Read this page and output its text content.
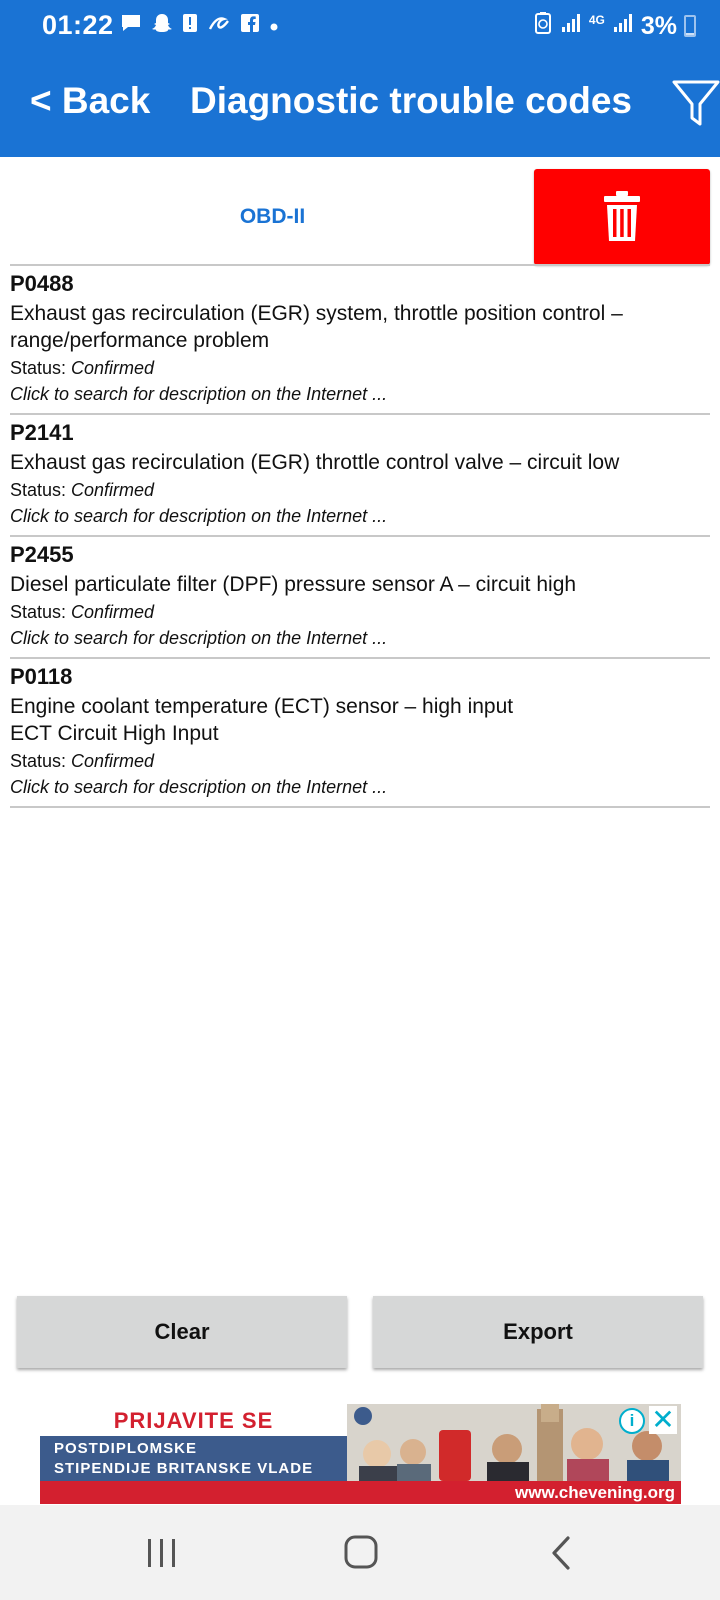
01:22	4G 3%
< Back Diagnostic trouble codes
OBD-II
P0488
Exhaust gas recirculation (EGR) system, throttle position control – range/performance problem
Status: Confirmed
Click to search for description on the Internet ...
P2141
Exhaust gas recirculation (EGR) throttle control valve – circuit low
Status: Confirmed
Click to search for description on the Internet ...
P2455
Diesel particulate filter (DPF) pressure sensor A – circuit high
Status: Confirmed
Click to search for description on the Internet ...
P0118
Engine coolant temperature (ECT) sensor – high input
ECT Circuit High Input
Status: Confirmed
Click to search for description on the Internet ...
Clear	Export
PRIJAVITE SE
POSTDIPLOMSKE
STIPENDIJE BRITANSKE VLADE
www.chevening.org
i ✕
